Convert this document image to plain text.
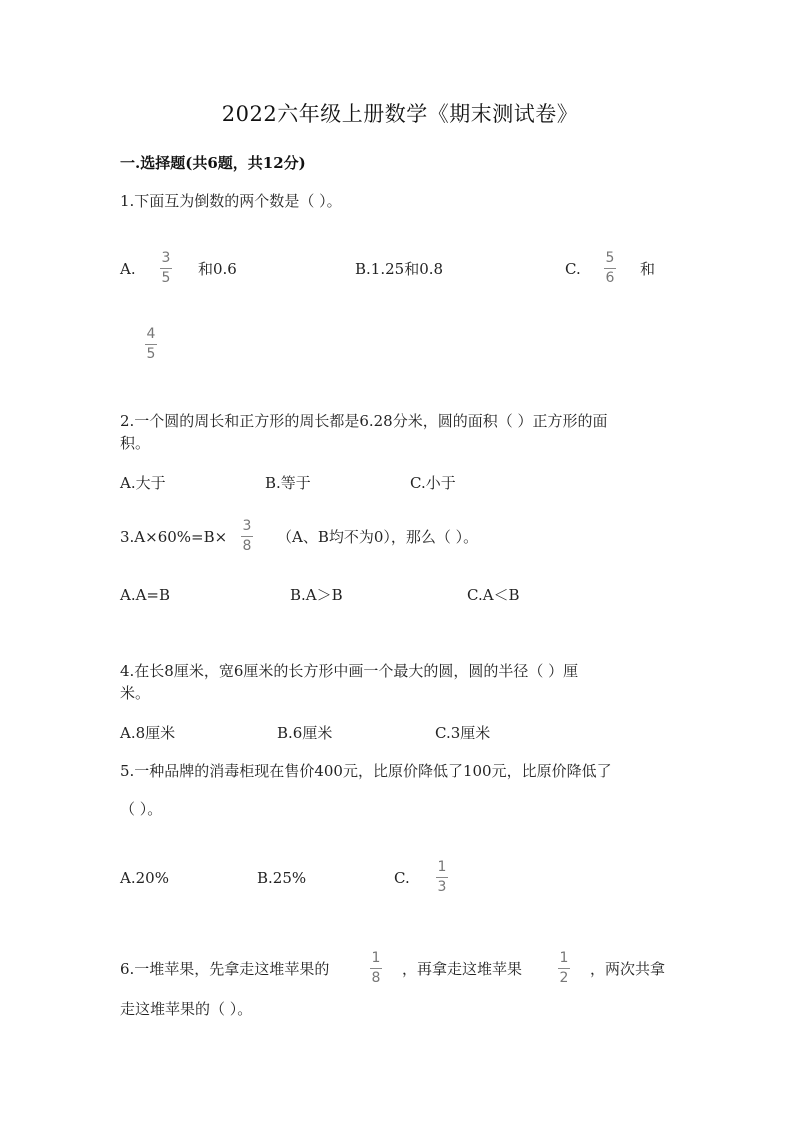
2022六年级上册数学《期末测试卷》
一.选择题(共6题，共12分)
1.下面互为倒数的两个数是（ ）。
A.
3
5 和0.6	B.1.25和0.8	C.
5
6 和
4
5
2.一个圆的周长和正方形的周长都是6.28分米，圆的面积（ ）正方形的面
积。
A.大于	B.等于	C.小于
3.A×60%=B×
3
8 （A、B均不为0），那么（ ）。
A.A=B	B.A＞B	C.A＜B
4.在长8厘米，宽6厘米的长方形中画一个最大的圆，圆的半径（ ）厘
米。
A.8厘米	B.6厘米	C.3厘米
5.一种品牌的消毒柜现在售价400元，比原价降低了100元，比原价降低了
（ ）。
A.20%	B.25%	C.
1
3
6.一堆苹果，先拿走这堆苹果的
1
8 ，再拿走这堆苹果
1
2 ，两次共拿
走这堆苹果的（ ）。
